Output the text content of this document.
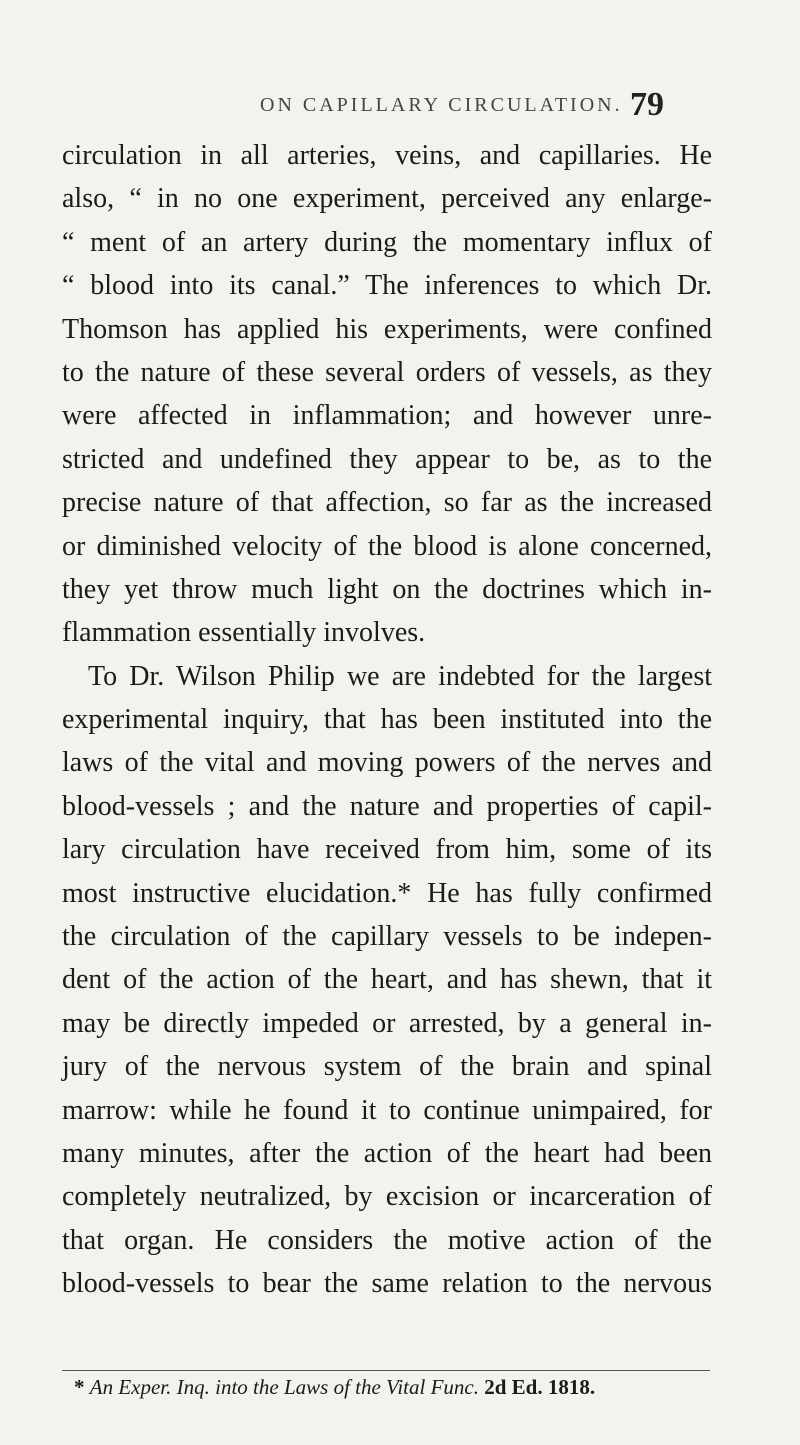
ON CAPILLARY CIRCULATION. 79
circulation in all arteries, veins, and capillaries. He
also, “ in no one experiment, perceived any enlarge-
“ ment of an artery during the momentary influx of
“ blood into its canal.” The inferences to which Dr.
Thomson has applied his experiments, were confined
to the nature of these several orders of vessels, as they
were affected in inflammation; and however unre-
stricted and undefined they appear to be, as to the
precise nature of that affection, so far as the increased
or diminished velocity of the blood is alone concerned,
they yet throw much light on the doctrines which in-
flammation essentially involves.
To Dr. Wilson Philip we are indebted for the largest
experimental inquiry, that has been instituted into the
laws of the vital and moving powers of the nerves and
blood-vessels ; and the nature and properties of capil-
lary circulation have received from him, some of its
most instructive elucidation.* He has fully confirmed
the circulation of the capillary vessels to be indepen-
dent of the action of the heart, and has shewn, that it
may be directly impeded or arrested, by a general in-
jury of the nervous system of the brain and spinal
marrow: while he found it to continue unimpaired, for
many minutes, after the action of the heart had been
completely neutralized, by excision or incarceration of
that organ. He considers the motive action of the
blood-vessels to bear the same relation to the nervous
* An Exper. Inq. into the Laws of the Vital Func. 2d Ed. 1818.
